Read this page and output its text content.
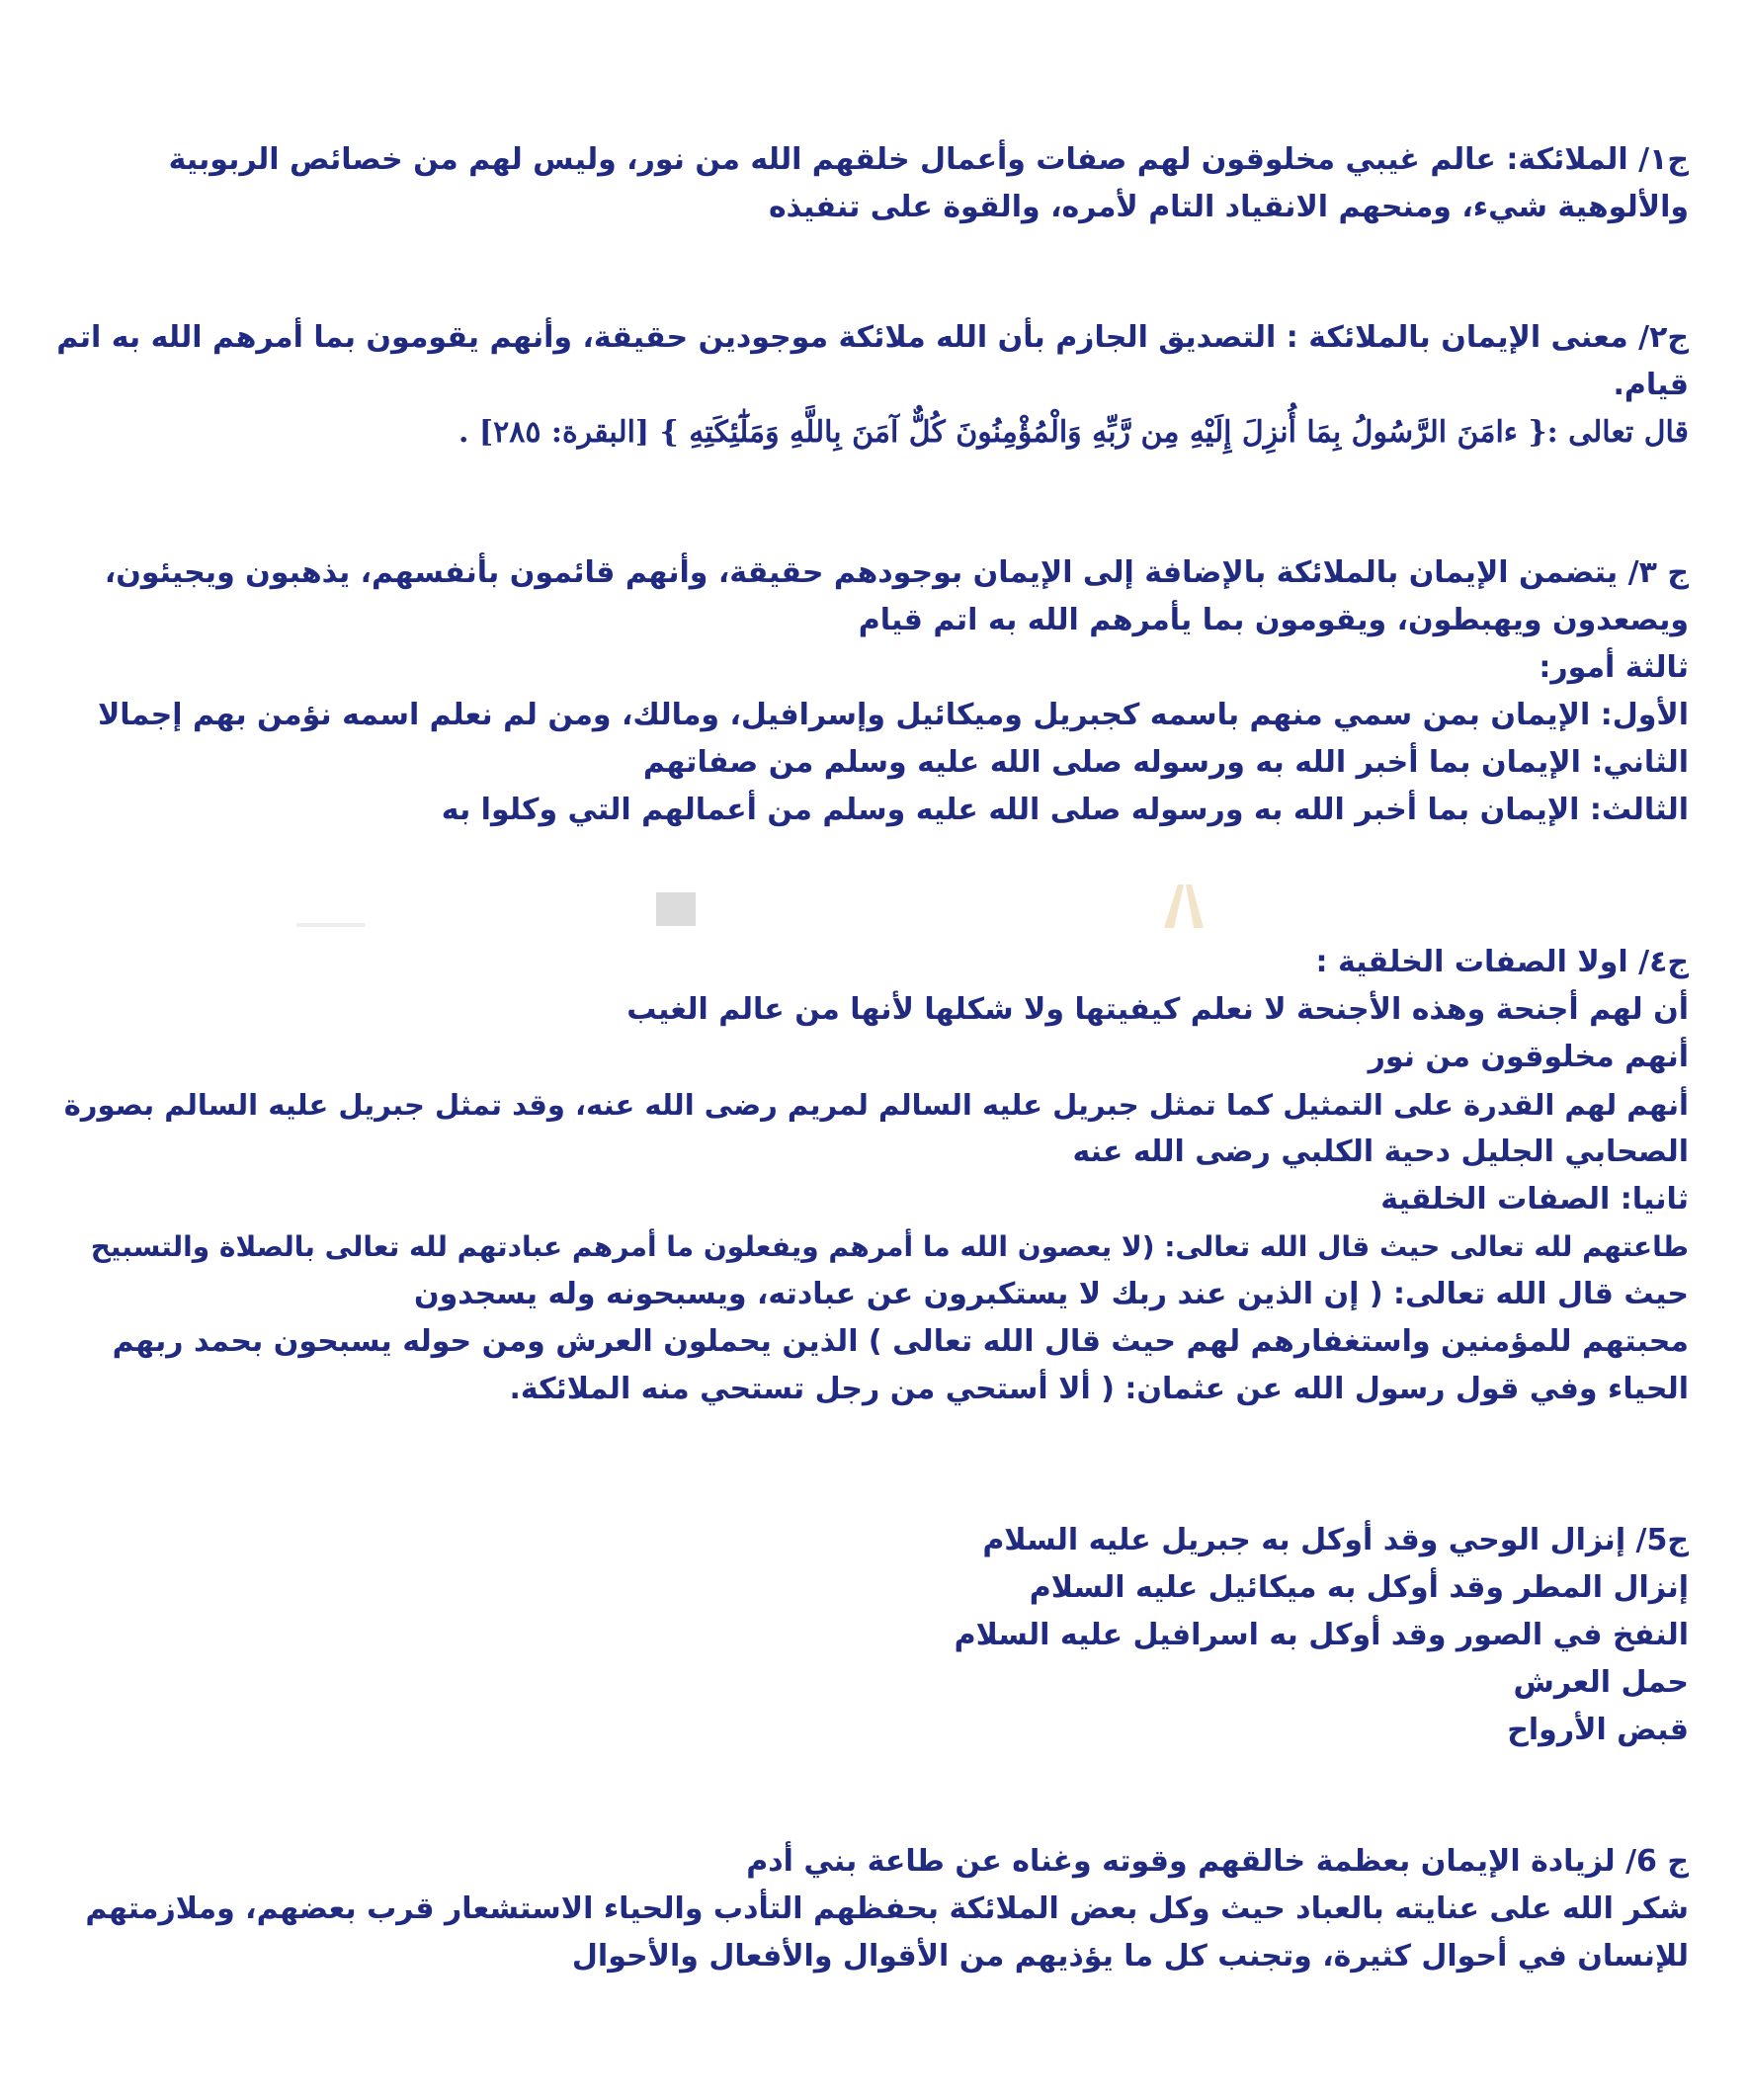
ج١/ الملائكة: عالم غيبي مخلوقون لهم صفات وأعمال خلقهم الله من نور، وليس لهم من خصائص الربوبية

والألوهية شيء، ومنحهم الانقياد التام لأمره، والقوة على تنفيذه

ج٢/ معنى الإيمان بالملائكة : التصديق الجازم بأن الله ملائكة موجودين حقيقة، وأنهم يقومون بما أمرهم الله به اتم

قيام.

قال تعالى :{ ءامَنَ الرَّسُولُ بِمَا أُنزِلَ إِلَيْهِ مِن رَّبِّهِ وَالْمُؤْمِنُونَ كُلٌّ آمَنَ بِاللَّهِ وَمَلَٰٓئِكَتِهِ } [البقرة: ٢٨٥] .

ج ٣/ يتضمن الإيمان بالملائكة بالإضافة إلى الإيمان بوجودهم حقيقة، وأنهم قائمون بأنفسهم، يذهبون ويجيئون،

ويصعدون ويهبطون، ويقومون بما يأمرهم الله به اتم قيام

ثالثة أمور:

الأول: الإيمان بمن سمي منهم باسمه كجبريل وميكائيل وإسرافيل، ومالك، ومن لم نعلم اسمه نؤمن بهم إجمالا

الثاني: الإيمان بما أخبر الله به ورسوله صلى الله عليه وسلم من صفاتهم

الثالث: الإيمان بما أخبر الله به ورسوله صلى الله عليه وسلم من أعمالهم التي وكلوا به

ج٤/ اولا الصفات الخلقية :

أن لهم أجنحة وهذه الأجنحة لا نعلم كيفيتها ولا شكلها لأنها من عالم الغيب

أنهم مخلوقون من نور

أنهم لهم القدرة على التمثيل كما تمثل جبريل عليه السالم لمريم رضى الله عنه، وقد تمثل جبريل عليه السالم بصورة

الصحابي الجليل دحية الكلبي رضى الله عنه

ثانيا: الصفات الخلقية

طاعتهم لله تعالى حيث قال الله تعالى: (لا يعصون الله ما أمرهم ويفعلون ما أمرهم عبادتهم لله تعالى بالصلاة والتسبيح

حيث قال الله تعالى: ( إن الذين عند ربك لا يستكبرون عن عبادته، ويسبحونه وله يسجدون

محبتهم للمؤمنين واستغفارهم لهم حيث قال الله تعالى ) الذين يحملون العرش ومن حوله يسبحون بحمد ربهم

الحياء وفي قول رسول الله عن عثمان: ( ألا أستحي من رجل تستحي منه الملائكة.

ج5/ إنزال الوحي وقد أوكل به جبريل عليه السلام

إنزال المطر وقد أوكل به ميكائيل عليه السلام

النفخ في الصور وقد أوكل به اسرافيل عليه السلام

حمل العرش

قبض الأرواح

ج 6/ لزيادة الإيمان بعظمة خالقهم وقوته وغناه عن طاعة بني أدم

شكر الله على عنايته بالعباد حيث وكل بعض الملائكة بحفظهم التأدب والحياء الاستشعار قرب بعضهم، وملازمتهم

للإنسان في أحوال كثيرة، وتجنب كل ما يؤذيهم من الأقوال والأفعال والأحوال
